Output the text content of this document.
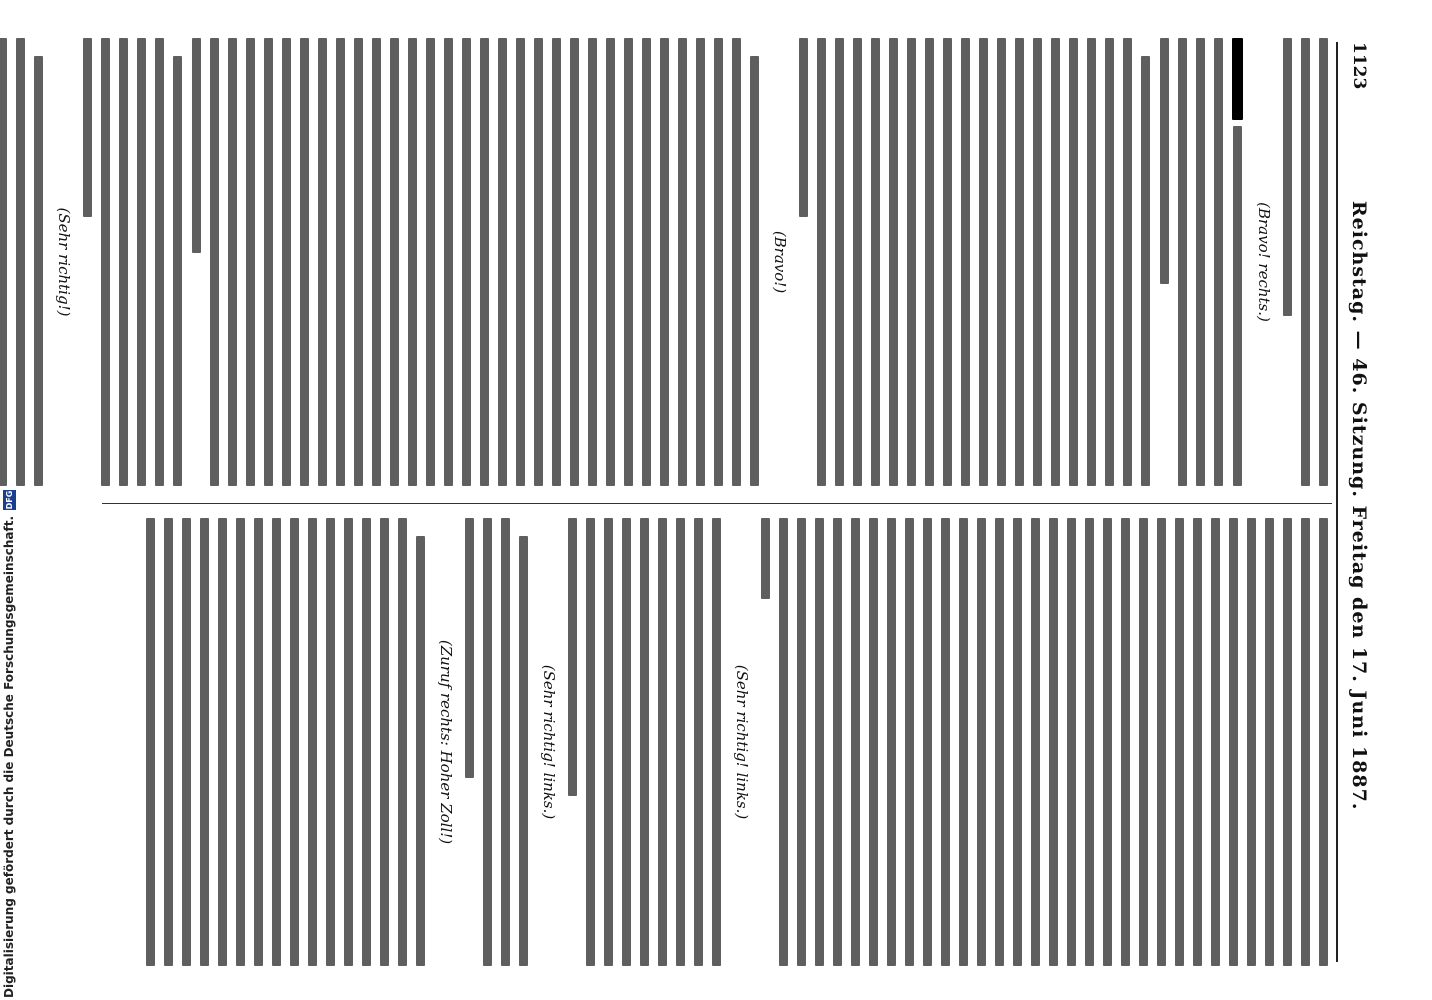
1123
Reichstag. — 46. Sitzung. Freitag den 17. Juni 1887.
(Bravo! rechts.)
(Bravo!)
(Sehr richtig!)
(Sehr richtig! links.)
(Sehr richtig! links.)
(Zuruf rechts: Hoher Zoll!)
Digitalisierung gefördert durch die Deutsche Forschungsgemeinschaft.
DFG
